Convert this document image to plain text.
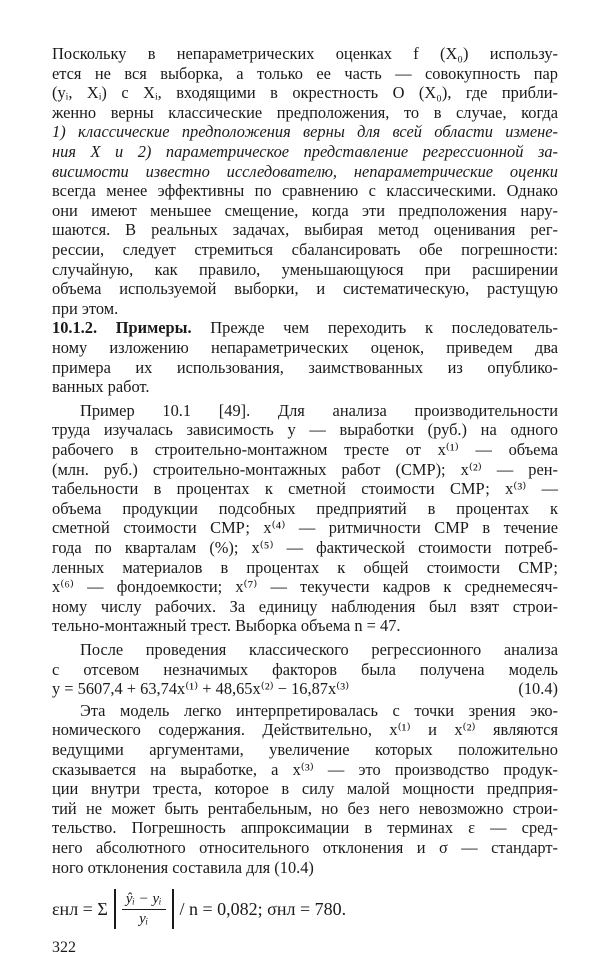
Поскольку в непараметрических оценках f (X₀) использу-
ется не вся выборка, а только ее часть — совокупность пар
(yᵢ, Xᵢ) с Xᵢ, входящими в окрестность O (X₀), где прибли-
женно верны классические предположения, то в случае, когда
1) классические предположения верны для всей области измене-
ния X и 2) параметрическое представление регрессионной за-
висимости известно исследователю, непараметрические оценки
всегда менее эффективны по сравнению с классическими. Однако
они имеют меньшее смещение, когда эти предположения нару-
шаются. В реальных задачах, выбирая метод оценивания рег-
рессии, следует стремиться сбалансировать обе погрешности:
случайную, как правило, уменьшающуюся при расширении
объема используемой выборки, и систематическую, растущую
при этом.
10.1.2. Примеры. Прежде чем переходить к последователь-
ному изложению непараметрических оценок, приведем два
примера их использования, заимствованных из опублико-
ванных работ.
Пример 10.1 [49]. Для анализа производительности
труда изучалась зависимость y — выработки (руб.) на одного
рабочего в строительно-монтажном тресте от x⁽¹⁾ — объема
(млн. руб.) строительно-монтажных работ (СМР); x⁽²⁾ — рен-
табельности в процентах к сметной стоимости СМР; x⁽³⁾ —
объема продукции подсобных предприятий в процентах к
сметной стоимости СМР; x⁽⁴⁾ — ритмичности СМР в течение
года по кварталам (%); x⁽⁵⁾ — фактической стоимости потреб-
ленных материалов в процентах к общей стоимости СМР;
x⁽⁶⁾ — фондоемкости; x⁽⁷⁾ — текучести кадров к среднемесяч-
ному числу рабочих. За единицу наблюдения был взят строи-
тельно-монтажный трест. Выборка объема n = 47.
После проведения классического регрессионного анализа
с отсевом незначимых факторов была получена модель
(10.4)
y = 5607,4 + 63,74x⁽¹⁾ + 48,65x⁽²⁾ − 16,87x⁽³⁾
Эта модель легко интерпретировалась с точки зрения эко-
номического содержания. Действительно, x⁽¹⁾ и x⁽²⁾ являются
ведущими аргументами, увеличение которых положительно
сказывается на выработке, а x⁽³⁾ — это производство продук-
ции внутри треста, которое в силу малой мощности предприя-
тий не может быть рентабельным, но без него невозможно строи-
тельство. Погрешность аппроксимации в терминах ε — сред-
него абсолютного относительного отклонения и σ — стандарт-
ного отклонения составила для (10.4)
εнл = Σ $\frac{\text{ŷᵢ − yᵢ}}{\text{yᵢ}} / n = 0,082$; σнл = 780.
322
